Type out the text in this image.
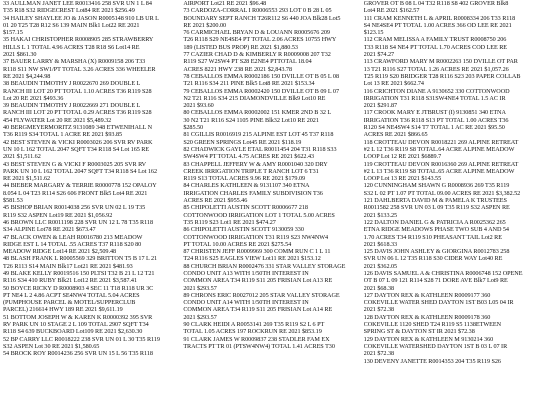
33 AULLMAN JANET LEE R0013416 258 SVR UN 1 L 84
T35 R18 S32 RIDGECREST Lot84 RE 2021 $256.49
34 HAILEY SHAYLEE JO & JASON R0005148 910 LB UR L
01 20 T25 T28 R12 S6 139 MAIN Blk1 Lot22 RE 2021
$157.15
35 HAKAI CHRISTOPHER R0008905 285 STRAWBERRY
HILLS L 1 TOTAL 4.96 ACRES T28 R18 S6 Lot14 RE
2021 $861.30
37 BAUER LARRY & MARSHA (X) R0009158 206 T33
R118 S11 NW SW1/PT TOTAL 3.26 ACRES 336 WHEELER
RE 2021 $4,244.98
38 BEAUDIN TIMOTHY J R0022670 269 DOUBLE L
RANCH III LOT 20 PT TOTAL 1.10 ACRES T36 R119 S28
Lot 20 RE 2021 $493.36
39 BEAUDIN TIMOTHY J R0022669 271 DOUBLE L
RANCH III LOT 20 PT TOTAL 0.29 ACRES T36 R119 S28
454 FLYWATER Lot 20 RE 2021 $5,489.32
40 BERGMEYERMORITZ 9131089 348 ETWENIHALL N
T36 R119 S34 TOTAL 1 ACRE RE 2021 $93.85
42 BEST STEVEN & VICKI R0003026 206 SVR RV PARK
UN 10 L 162 TOTAL 2047 SQFT T34 R118 S4 Lot 165 RE
2021 $1,511.62
43 BEST STEVEN G & VICKI F R0003025 205 SVR RV
PARK UN 10 L 162 TOTAL 2047 SQFT T34 R118 S4 Lot 162
RE 2021 $1,511.62
44 BIEBER MARGARY & TERRIE R0000778 152 OPALOY
8.054 L 04 T23 R114 S26 606 FRONT Blk5 Lot4 RE 2021
$581.53
45 BISHOP BRIAN R0014038 256 SVR UN 02 L 19 T35
R119 S32 ASPEN Lot19 RE 2021 $1,056.92
46 BROWN LLC R0011198 228 SVR UN 12 L 78 T35 R118
S34 ALPINE Lot78 RE 2021 $673.47
47 BLACK OWEN & LEAH R0016780 213 MEADOW
RIDGE EST L 14 TOTAL .55 ACRES T37 R118 S20 80
MEADOW RIDGE Lot14 RE 2021 $2,509.48
48 BLASH FRANK L R0005569 329 BRITTON T5 B 17 L 21
T26 R113 S14 MAIN Blk17 Lot21 RE 2021 $481.93
49 BLAKE KELLY R0019516 150 PLTSI T32 B 21 L 12 T21
R116 S34 410 RUBY Blk21 Lot12 RE 2021 $3,587.41
50 BOYCE RICKY D R0008903 4 SEC 11 T18 R118 UR 3C
PT NE4 L 2 4.86 ACPT SE4NW4 TOTAL 5.04 ACRES
(PUMPHOUSE PARCEL & MOTEL/SUPPERCLUB
PARCEL) 216614 HWY 189 RE 2021 $9,611.19
51 BOTTOM JOSEPH W & KAREN K R0000392 395 SVR
RV PARK UN 10 STAGE 2 L 109 TOTAL 2907 SQFT T34
R118 S4 639 BUCKBOARD Lot109 RE 2021 $2,630.30
52 BP CARRY LLC R0018222 238 SVR UN 01 L 30 T35 R119
S32 ASPEN Lot 30 RE 2021 $1,580.65
54 BROCK ROY R0014236 256 SVR UN 15 L 56 T35 R118
AIRPORT Lot21 RE 2021 $96.48
73 CARDOZA-CORRAL I R0006553 293 LOT 0 B 28 L 05
BOUNDARY SEPT RANCH T26R112 S6 440 JOA Blk28 Lot5
RE 2021 $200.00
76 CARMICHAEL BRYAN D & LOUANN R0005676 209
T26 R118 S29 NE4SE4 PT TOTAL 2.06 ACRES 10755 HWY
189 (LISTED BUS PROP) RE 2021 $1,880.53
77 CAZIER CHAD D & KIMBERLY R R0009008 207 T32
R119 S27 W2SW4 PT S28 E2NE4 PTTOTAL 18.04
ACRES 8221 HWY 238 RE 2021 $2,843.78
78 CEBALLOS EMMA R0002186 150 DVILLE OT B 05 L 08
T21 R116 S34 211 PINE Blk5 Lot8 RE 2021 $153.34
79 CEBALLOS EMMA R0002420 150 DVILLE OT B 09 L 07
N2 T21 R116 S34 215 DIAMONDVILLE Blk9 Lot10 RE
2021 $93.60
80 CEBALLOS EMMA R0002002 151 KMER 2ND B 32 L
30 N2 T21 R116 S24 1105 PINE Blk32 Lot10 RE 2021
$285.50
81 CGILLIS R0016919 215 ALPINE EST LOT 45 T37 R118
S20 GREEN SPRINGS Lot45 RE 2021 $118.19
82 CHADWICK GAYLE ETAL R0011454 204 T31 R118 S33
SW4SW4 PT TOTAL 4.75 ACRES RE 2021 $622.43
83 CHAPPELL JEFFERY W & AMY R0001040 320 DRY
CREEK IRRIGATION TRIPLE T RANCH LOT 6 T31
R119 S13 TOTAL ACRES 9.96 RE 2021 $179.09
84 CHARLES KATHLEEN & 9131107 340 ETNA
IRRIGATION CHARLES FAMILY SUBDIVISION T36
ACRES RE 2021 $955.46
85 CHIPOLETTI AUSTIN SCOTT R0006677 218
COTTONWOOD IRRIGATION LOT 1 TOTAL 5.00 ACRES
T35 R119 S23 Lot1 RE 2021 $474.27
86 CHIPOLETTI AUSTIN SCOTT 9130059 330
COTTONWOOD IRRIGATION T31 R119 S23 NW4NW4
PT TOTAL 10.00 ACRES RE 2021 $275.54
87 CHRISTEN JEFF R0009969 300 COMM RUN C 1 L 11
T24 R116 S25 EAGLES VIEW Lot11 RE 2021 $153.12
88 CHURCH BRIAN R0002476 331 STAR VALLEY STORAGE
CONDO UNIT A13 WITH 1/50TH INTEREST IN
COMMON AREA T34 R119 S11 205 FRISIAN Lot A13 RE
2021 $293.57
89 CHRONS ERIC R0027012 205 STAR VALLEY STORAGE
CONDO UNIT A14 WITH 1/50TH INTEREST IN
COMMON AREA T34 R119 S11 205 FRISIAN Lot A14 RE
2021 $293.57
90 CLARK HEIDI A R0053141 269 T35 R119 S2 L 6 PT
TOTAL 1.05 ACRES 197 ROCKRUN RE 2021 $853.19
91 CLARK JAMES W R0009837 238 STADLER FAM EX
TRACTS PT TR 01 (PTSW4NW4) TOTAL 1.41 ACRES T30
GROVER OT B 08 L 04 T32 R118 S8 402 GROVER Blk8
Lot4 RE 2021 $162.57
111 CRAM KENNETH L & APRIL R0008334 206 T33 R118
S4 NE4SE4 PT TOTAL 1.00 ACRES 366 OD LEE RE 2021
$123.15
112 CRAM MELISSA A FAMILY TRUST R0008750 206
T33 R118 S4 NE4 PT TOTAL 1.70 ACRES COD LEE RE
2021 $74.27
113 CRAWFORD MARY M R0002263 150 DVILLE OT PAR
13 T21 R116 S27 TOTAL 1.26 ACRES RE 2021 $1,057.26
T25 R119 S20 BRIDGER T28 R116 S23 203 PAPER COLLAB
Lot 13 RE 2021 $662.74
116 CRICHTON DIANE A 9130652 330 COTTONWOOD
IRRIGATION T31 R118 S31SW4NE4 TOTAL 1.5 AC IR
2021 $291.87
117 CROOK MARY E JTBRUST (I) 9130851 340 ETNA
IRRIGATION T36 R118 S13 PT TOTAL 1.00 ACRES T36
R120 S4 NE4SW4 S14 T7 TOTAL 1 AC RE 2021 $95.50
ACRES RE 2021 $866.65
118 CROTTEAU DEVON R0018221 269 ALPINE RETREAT
#2 L 12 T36 R119 S8 TOTAL.64 ACRE ALPINE MEADOW
LOOP Lot 12 RE 2021 $6889.7
119 CROTTEAU DEVON R0016360 269 ALPINE RETREAT
#2 L 13 T36 R119 S8 TOTAL.65 ACRE ALPINE MEADOW
LOOP Lot 13 RE 2021 $143.55
120 CUNNINGHAM SHAWN G R0008936 269 T35 R119
S32 L 02 PT 1.07 PT TOTAL 09.00 ACRES RE 2021 $3,382.52
121 DAHLBERTA DAVID M & PAMELA K TRUSTEES
R0011582 258 SVR UN 03 L 09 T35 R119 S32 ASPEN RE
2021 $133.25
122 DALTON DANIEL G & PATRICIA A R0025362 265
ETNA RIDGE MEADOWS PHASE TWO SUB 4 AND 54
1.70 ACRES T34 R119 S10 PHEASANT TAIL Lot2 RE
2021 $618.33
125 DAVIS JOHN ASHLEY & GIORGINA R0012783 258
SVR UN 06 L 12 T35 R118 S30 CIDER WAY Lot40 RE
2021 $362.05
126 DAVIS SAMUEL A & CHRISTINA R0006748 152 OPENE
OT B 07 L 09 121 R114 S28 71 DORE AVE Blk7 Lot9 RE
2021 $68.38
127 DAYTON REX & KATHLEEN R0009177 360
COKEVILLE WATER SHED DAYTON 1ST B03 L05 04 IR
2021 $72.38
128 DAYTON REX & KATHLEEN R0009178 360
COKEVILLE 1120 SHED T24 R119 S5 1138ETWEEN
SPRING ST & DAYTON ST IR 2021 $72.38
129 DAYTON REX & KATHLEEN M 9130214 360
COKEVILLE WATERSHED DAYTON 1ST B 03 L 07 IR
2021 $72.38
130 DEVENY JANETTE R0014353 204 T35 R119 S26
